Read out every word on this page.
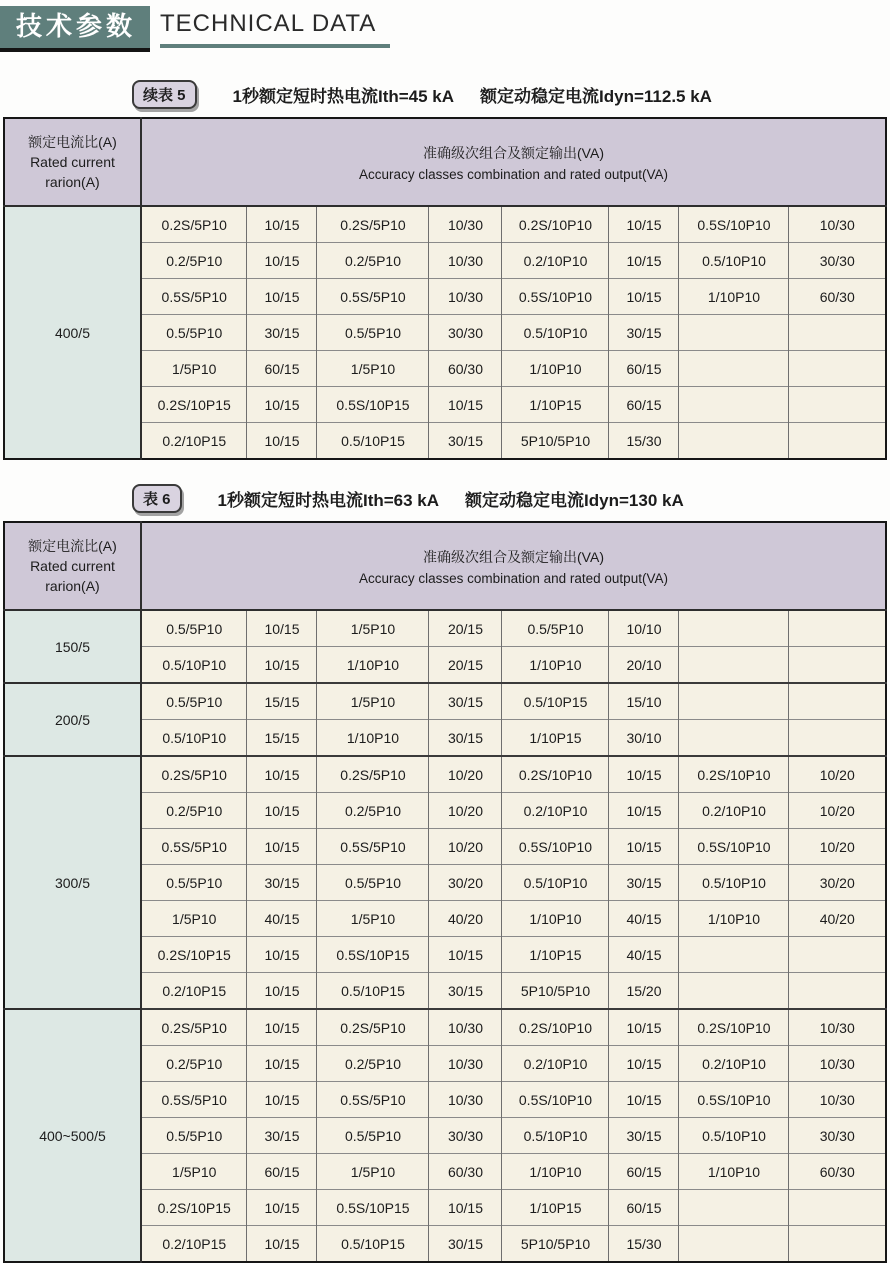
技术参数 TECHNICAL DATA
续表 5	1秒额定短时热电流Ith=45 kA 额定动稳定电流Idyn=112.5 kA
额定电流比(A)
Rated current
rarion(A)

准确级次组合及额定输出(VA)
Accuracy classes combination and rated output(VA)

400/5	0.2S/5P10	10/15	0.2S/5P10	10/30	0.2S/10P10	10/15	0.5S/10P10	10/30
	0.2/5P10	10/15	0.2/5P10	10/30	0.2/10P10	10/15	0.5/10P10	30/30
	0.5S/5P10	10/15	0.5S/5P10	10/30	0.5S/10P10	10/15	1/10P10	60/30
	0.5/5P10	30/15	0.5/5P10	30/30	0.5/10P10	30/15		
	1/5P10	60/15	1/5P10	60/30	1/10P10	60/15		
	0.2S/10P15	10/15	0.5S/10P15	10/15	1/10P15	60/15		
	0.2/10P15	10/15	0.5/10P15	30/15	5P10/5P10	15/30		
表 6	1秒额定短时热电流Ith=63 kA 额定动稳定电流Idyn=130 kA
额定电流比(A)
Rated current
rarion(A)

准确级次组合及额定输出(VA)
Accuracy classes combination and rated output(VA)

150/5	0.5/5P10	10/15	1/5P10	20/15	0.5/5P10	10/10		
	0.5/10P10	10/15	1/10P10	20/15	1/10P10	20/10		
200/5	0.5/5P10	15/15	1/5P10	30/15	0.5/10P15	15/10		
	0.5/10P10	15/15	1/10P10	30/15	1/10P15	30/10		
300/5	0.2S/5P10	10/15	0.2S/5P10	10/20	0.2S/10P10	10/15	0.2S/10P10	10/20
	0.2/5P10	10/15	0.2/5P10	10/20	0.2/10P10	10/15	0.2/10P10	10/20
	0.5S/5P10	10/15	0.5S/5P10	10/20	0.5S/10P10	10/15	0.5S/10P10	10/20
	0.5/5P10	30/15	0.5/5P10	30/20	0.5/10P10	30/15	0.5/10P10	30/20
	1/5P10	40/15	1/5P10	40/20	1/10P10	40/15	1/10P10	40/20
	0.2S/10P15	10/15	0.5S/10P15	10/15	1/10P15	40/15		
	0.2/10P15	10/15	0.5/10P15	30/15	5P10/5P10	15/20		
400~500/5	0.2S/5P10	10/15	0.2S/5P10	10/30	0.2S/10P10	10/15	0.2S/10P10	10/30
	0.2/5P10	10/15	0.2/5P10	10/30	0.2/10P10	10/15	0.2/10P10	10/30
	0.5S/5P10	10/15	0.5S/5P10	10/30	0.5S/10P10	10/15	0.5S/10P10	10/30
	0.5/5P10	30/15	0.5/5P10	30/30	0.5/10P10	30/15	0.5/10P10	30/30
	1/5P10	60/15	1/5P10	60/30	1/10P10	60/15	1/10P10	60/30
	0.2S/10P15	10/15	0.5S/10P15	10/15	1/10P15	60/15		
	0.2/10P15	10/15	0.5/10P15	30/15	5P10/5P10	15/30		
